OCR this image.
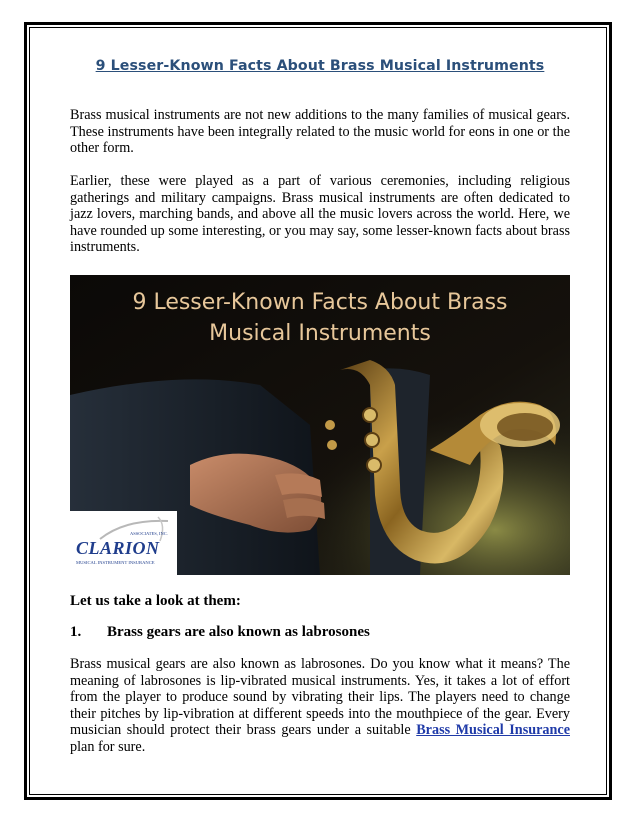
9 Lesser-Known Facts About Brass Musical Instruments

Brass musical instruments are not new additions to the many families of musical gears. These instruments have been integrally related to the music world for eons in one or the other form.

Earlier, these were played as a part of various ceremonies, including religious gatherings and military campaigns. Brass musical instruments are often dedicated to jazz lovers, marching bands, and above all the music lovers across the world. Here, we have rounded up some interesting, or you may say, some lesser-known facts about brass instruments.

9 Lesser-Known Facts About Brass
Musical Instruments
ASSOCIATES, INC.
CLARION
MUSICAL INSTRUMENT INSURANCE

Let us take a look at them:

1. Brass gears are also known as labrosones

Brass musical gears are also known as labrosones. Do you know what it means? The meaning of labrosones is lip-vibrated musical instruments. Yes, it takes a lot of effort from the player to produce sound by vibrating their lips. The players need to change their pitches by lip-vibration at different speeds into the mouthpiece of the gear. Every musician should protect their brass gears under a suitable Brass Musical Insurance plan for sure.
